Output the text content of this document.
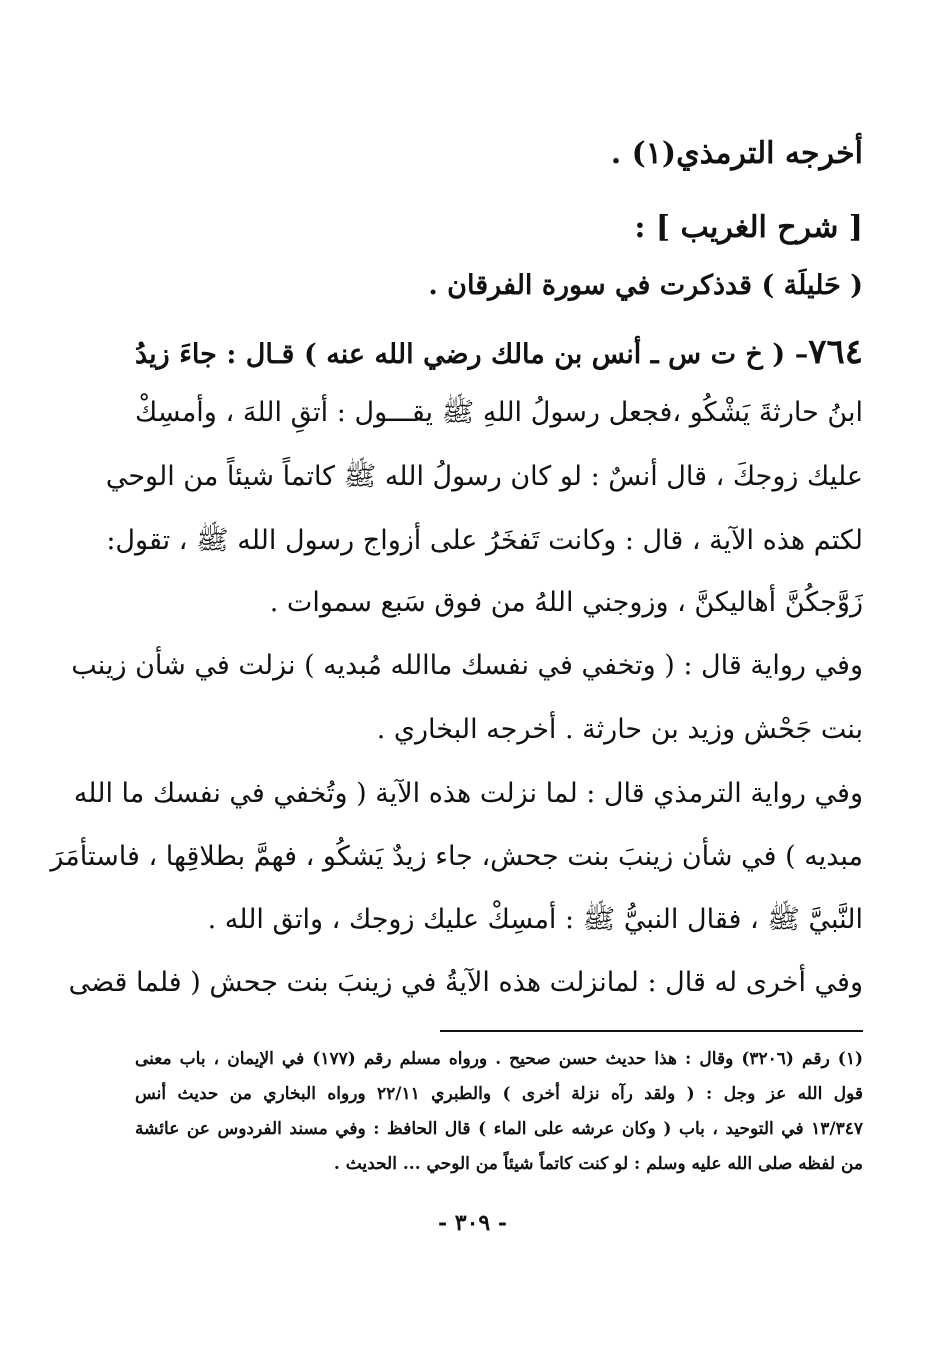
أخرجه الترمذي(١) .
[ شرح الغريب ] :
( حَليلَة ) قدذكرت في سورة الفرقان .
٧٦٤– ( خ ت س ـ أنس بن مالك رضي الله عنه ) قـال : جاءَ زيدُ
ابنُ حارثةَ يَشْكُو ،فجعل رسولُ اللهِ ﷺ يقـــول : أتقِ اللهَ ، وأمسِكْ
عليك زوجكَ ، قال أنسٌ : لو كان رسولُ الله ﷺ كاتماً شيئاً من الوحي
لكتم هذه الآية ، قال : وكانت تَفخَرُ على أزواج رسول الله ﷺ ، تقول:
زَوَّجكُنَّ أهاليكنَّ ، وزوجني اللهُ من فوق سَبع سموات .
وفي رواية قال : ( وتخفي في نفسك ماالله مُبديه ) نزلت في شأن زينب
بنت جَحْش وزيد بن حارثة . أخرجه البخاري .
وفي رواية الترمذي قال : لما نزلت هذه الآية ( وتُخفي في نفسك ما الله
مبديه ) في شأن زينبَ بنت جحش، جاء زيدٌ يَشكُو ، فهمَّ بطلاقِها ، فاستأمَرَ
النَّبيَّ ﷺ ، فقال النبيُّ ﷺ : أمسِكْ عليك زوجك ، واتق الله .
وفي أخرى له قال : لمانزلت هذه الآيةُ في زينبَ بنت جحش ( فلما قضى
(١) رقم (٣٢٠٦) وقال : هذا حديث حسن صحيح . ورواه مسلم رقم (١٧٧) في الإيمان ، باب معنى
قول الله عز وجل : ( ولقد رآه نزلة أخرى ) والطبري ٢٢/١١ ورواه البخاري من حديث أنس
١٣/٣٤٧ في التوحيد ، باب ( وكان عرشه على الماء ) قال الحافظ : وفي مسند الفردوس عن عائشة
من لفظه صلى الله عليه وسلم : لو كنت كاتماً شيئاً من الوحي ... الحديث .
- ٣٠٩ -
